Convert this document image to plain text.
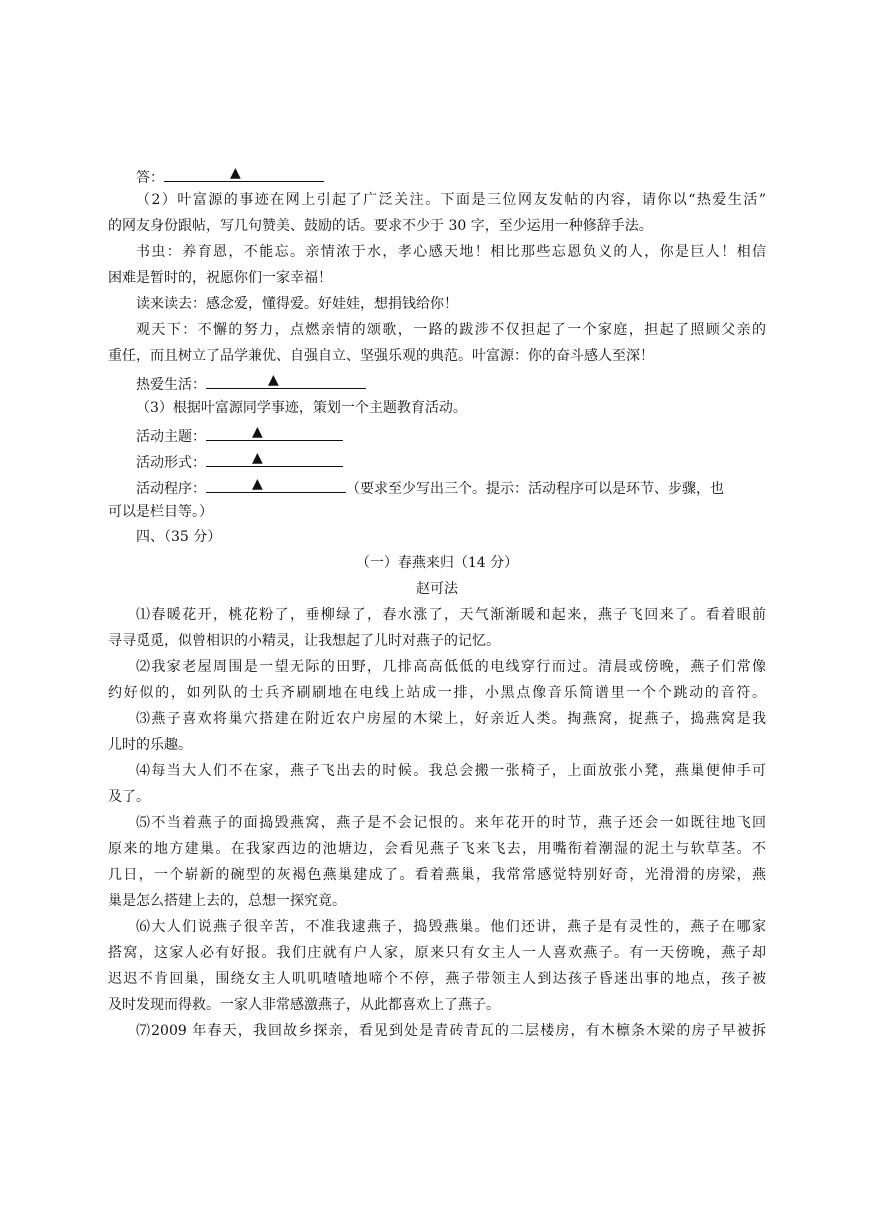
答：	▲
（2）叶富源的事迹在网上引起了广泛关注。下面是三位网友发帖的内容，请你以“热爱生活”
的网友身份跟帖，写几句赞美、鼓励的话。要求不少于 30 字，至少运用一种修辞手法。
书虫：养育恩，不能忘。亲情浓于水，孝心感天地！相比那些忘恩负义的人，你是巨人！相信
困难是暂时的，祝愿你们一家幸福！
读来读去：感念爱，懂得爱。好娃娃，想捐钱给你！
观天下：不懈的努力，点燃亲情的颂歌，一路的跋涉不仅担起了一个家庭，担起了照顾父亲的
重任，而且树立了品学兼优、自强自立、坚强乐观的典范。叶富源：你的奋斗感人至深！
热爱生活：	▲
（3）根据叶富源同学事迹，策划一个主题教育活动。
活动主题：	▲
活动形式：	▲
活动程序：	▲	（要求至少写出三个。提示：活动程序可以是环节、步骤，也
可以是栏目等。）
四、（35 分）
（一）春燕来归（14 分）
赵可法
⑴春暖花开，桃花粉了，垂柳绿了，春水涨了，天气渐渐暖和起来，燕子飞回来了。看着眼前
寻寻觅觅，似曾相识的小精灵，让我想起了儿时对燕子的记忆。
⑵我家老屋周围是一望无际的田野，几排高高低低的电线穿行而过。清晨或傍晚，燕子们常像
约好似的，如列队的士兵齐刷刷地在电线上站成一排，小黑点像音乐简谱里一个个跳动的音符。
⑶燕子喜欢将巢穴搭建在附近农户房屋的木梁上，好亲近人类。掏燕窝，捉燕子，捣燕窝是我
儿时的乐趣。
⑷每当大人们不在家，燕子飞出去的时候。我总会搬一张椅子，上面放张小凳，燕巢便伸手可
及了。
⑸不当着燕子的面捣毁燕窝，燕子是不会记恨的。来年花开的时节，燕子还会一如既往地飞回
原来的地方建巢。在我家西边的池塘边，会看见燕子飞来飞去，用嘴衔着潮湿的泥土与软草茎。不
几日，一个崭新的碗型的灰褐色燕巢建成了。看着燕巢，我常常感觉特别好奇，光滑滑的房梁，燕
巢是怎么搭建上去的，总想一探究竟。
⑹大人们说燕子很辛苦，不准我逮燕子，捣毁燕巢。他们还讲，燕子是有灵性的，燕子在哪家
搭窝，这家人必有好报。我们庄就有户人家，原来只有女主人一人喜欢燕子。有一天傍晚，燕子却
迟迟不肯回巢，围绕女主人叽叽喳喳地啼个不停，燕子带领主人到达孩子昏迷出事的地点，孩子被
及时发现而得救。一家人非常感激燕子，从此都喜欢上了燕子。
⑺2009 年春天，我回故乡探亲，看见到处是青砖青瓦的二层楼房，有木檩条木梁的房子早被拆
